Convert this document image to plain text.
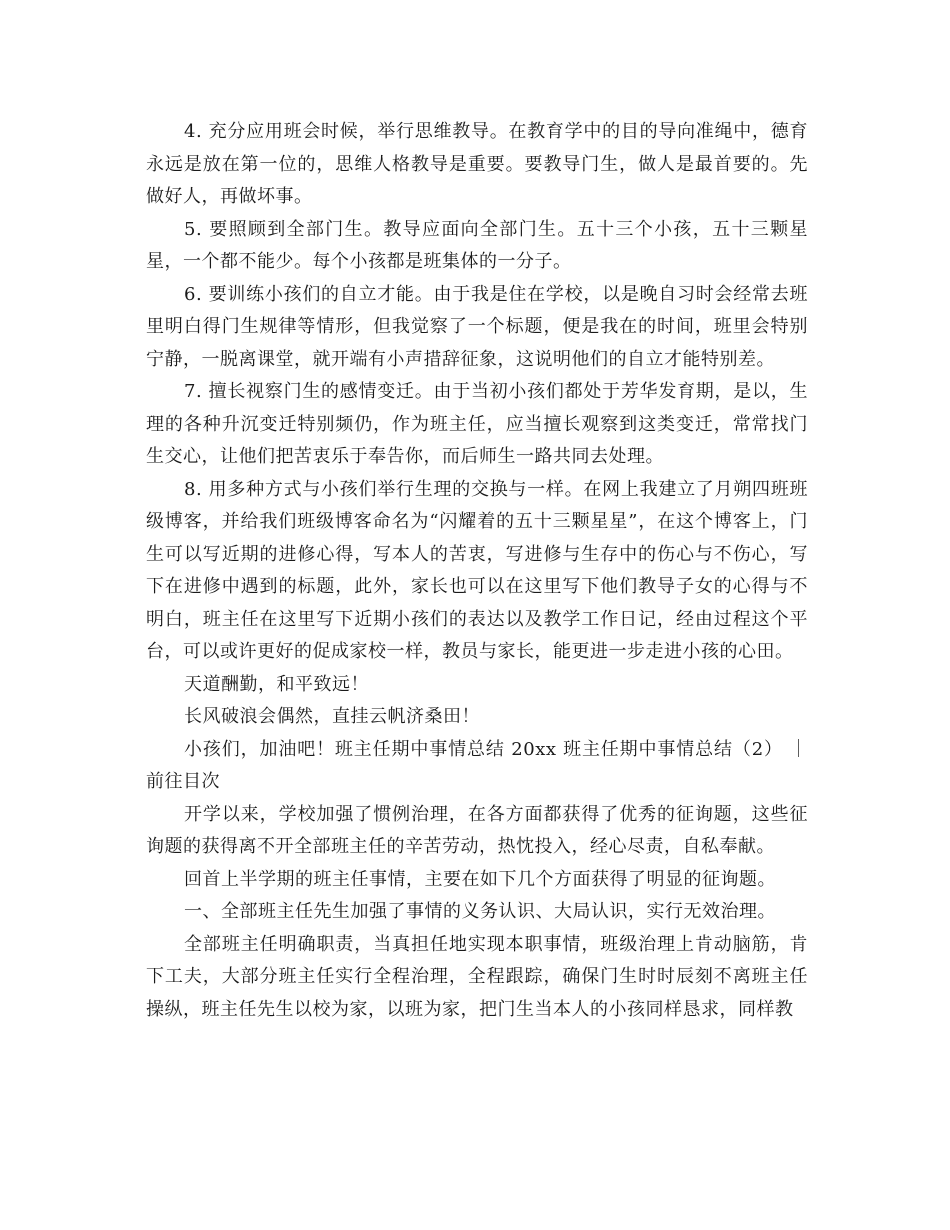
4. 充分应用班会时候，举行思维教导。在教育学中的目的导向准绳中，德育永远是放在第一位的，思维人格教导是重要。要教导门生，做人是最首要的。先做好人，再做坏事。

5. 要照顾到全部门生。教导应面向全部门生。五十三个小孩，五十三颗星星，一个都不能少。每个小孩都是班集体的一分子。

6. 要训练小孩们的自立才能。由于我是住在学校，以是晚自习时会经常去班里明白得门生规律等情形，但我觉察了一个标题，便是我在的时间，班里会特别宁静，一脱离课堂，就开端有小声措辞征象，这说明他们的自立才能特别差。

7. 擅长视察门生的感情变迁。由于当初小孩们都处于芳华发育期，是以，生理的各种升沉变迁特别频仍，作为班主任，应当擅长观察到这类变迁，常常找门生交心，让他们把苦衷乐于奉告你，而后师生一路共同去处理。

8. 用多种方式与小孩们举行生理的交换与一样。在网上我建立了月朔四班班级博客，并给我们班级博客命名为“闪耀着的五十三颗星星”，在这个博客上，门生可以写近期的进修心得，写本人的苦衷，写进修与生存中的伤心与不伤心，写下在进修中遇到的标题，此外，家长也可以在这里写下他们教导子女的心得与不明白，班主任在这里写下近期小孩们的表达以及教学工作日记，经由过程这个平台，可以或许更好的促成家校一样，教员与家长，能更进一步走进小孩的心田。

天道酬勤，和平致远！

长风破浪会偶然，直挂云帆济桑田！

小孩们，加油吧！班主任期中事情总结 20xx 班主任期中事情总结（2） ｜ 前往目次

开学以来，学校加强了惯例治理，在各方面都获得了优秀的征询题，这些征询题的获得离不开全部班主任的辛苦劳动，热忱投入，经心尽责，自私奉献。

回首上半学期的班主任事情，主要在如下几个方面获得了明显的征询题。

一、全部班主任先生加强了事情的义务认识、大局认识，实行无效治理。

全部班主任明确职责，当真担任地实现本职事情，班级治理上肯动脑筋，肯下工夫，大部分班主任实行全程治理，全程跟踪，确保门生时时辰刻不离班主任操纵，班主任先生以校为家，以班为家，把门生当本人的小孩同样恳求，同样教
